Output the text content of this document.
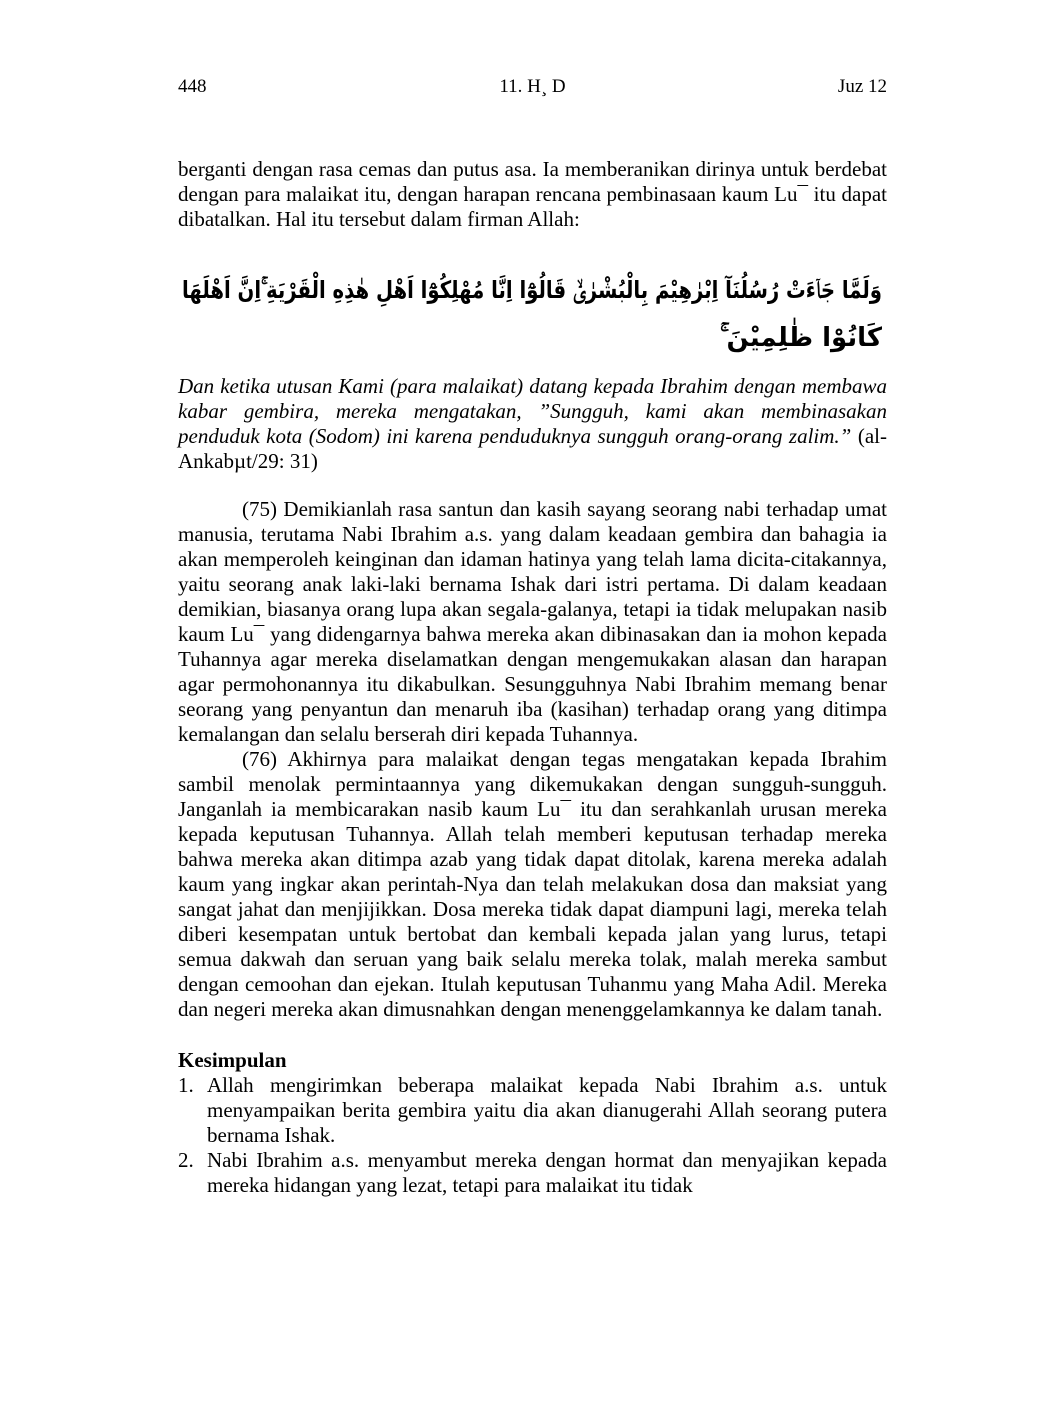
11. H¸ D
448	Juz 12

berganti dengan rasa cemas dan putus asa. Ia memberanikan dirinya untuk berdebat dengan para malaikat itu, dengan harapan rencana pembinasaan kaum Lu¯ itu dapat dibatalkan. Hal itu tersebut dalam firman Allah:

وَلَمَّا جَاۤءَتْ رُسُلُنَآ اِبْرٰهِيْمَ بِالْبُشْرٰىۙ قَالُوْٓا اِنَّا مُهْلِكُوْٓا اَهْلِ هٰذِهِ الْقَرْيَةِ ۚاِنَّ اَهْلَهَا
كَانُوْا ظٰلِمِيْنَ ۚ

Dan ketika utusan Kami (para malaikat) datang kepada Ibrahim dengan membawa kabar gembira, mereka mengatakan, ”Sungguh, kami akan membinasakan penduduk kota (Sodom) ini karena penduduknya sungguh orang-orang zalim.” (al-Ankabµt/29: 31)

(75) Demikianlah rasa santun dan kasih sayang seorang nabi terhadap umat manusia, terutama Nabi Ibrahim a.s. yang dalam keadaan gembira dan bahagia ia akan memperoleh keinginan dan idaman hatinya yang telah lama dicita-citakannya, yaitu seorang anak laki-laki bernama Ishak dari istri pertama. Di dalam keadaan demikian, biasanya orang lupa akan segala-galanya, tetapi ia tidak melupakan nasib kaum Lu¯ yang didengarnya bahwa mereka akan dibinasakan dan ia mohon kepada Tuhannya agar mereka diselamatkan dengan mengemukakan alasan dan harapan agar permohonannya itu dikabulkan. Sesungguhnya Nabi Ibrahim memang benar seorang yang penyantun dan menaruh iba (kasihan) terhadap orang yang ditimpa kemalangan dan selalu berserah diri kepada Tuhannya.

(76) Akhirnya para malaikat dengan tegas mengatakan kepada Ibrahim sambil menolak permintaannya yang dikemukakan dengan sungguh-sungguh. Janganlah ia membicarakan nasib kaum Lu¯ itu dan serahkanlah urusan mereka kepada keputusan Tuhannya. Allah telah memberi keputusan terhadap mereka bahwa mereka akan ditimpa azab yang tidak dapat ditolak, karena mereka adalah kaum yang ingkar akan perintah-Nya dan telah melakukan dosa dan maksiat yang sangat jahat dan menjijikkan. Dosa mereka tidak dapat diampuni lagi, mereka telah diberi kesempatan untuk bertobat dan kembali kepada jalan yang lurus, tetapi semua dakwah dan seruan yang baik selalu mereka tolak, malah mereka sambut dengan cemoohan dan ejekan. Itulah keputusan Tuhanmu yang Maha Adil. Mereka dan negeri mereka akan dimusnahkan dengan menenggelamkannya ke dalam tanah.

Kesimpulan
1. Allah mengirimkan beberapa malaikat kepada Nabi Ibrahim a.s. untuk menyampaikan berita gembira yaitu dia akan dianugerahi Allah seorang putera bernama Ishak.
2. Nabi Ibrahim a.s. menyambut mereka dengan hormat dan menyajikan kepada mereka hidangan yang lezat, tetapi para malaikat itu tidak
